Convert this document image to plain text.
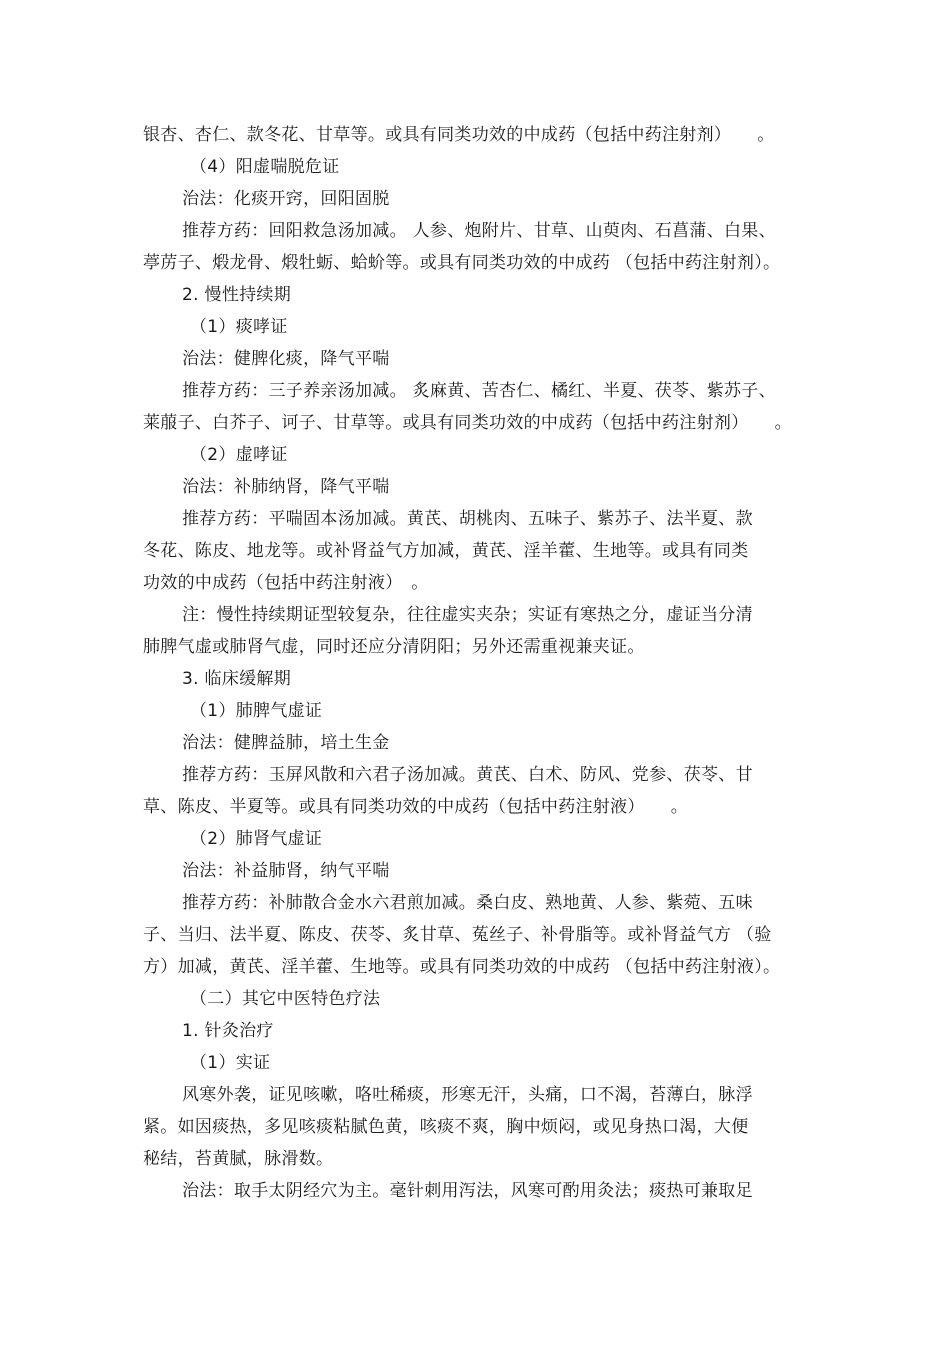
银杏、杏仁、款冬花、甘草等。或具有同类功效的中成药（包括中药注射剂）　　。
（4）阳虚喘脱危证
治法：化痰开窍，回阳固脱
推荐方药：回阳救急汤加减。 人参、炮附片、甘草、山萸肉、石菖蒲、白果、
葶苈子、煅龙骨、煅牡蛎、蛤蚧等。或具有同类功效的中成药 （包括中药注射剂）。
2. 慢性持续期
（1）痰哮证
治法：健脾化痰，降气平喘
推荐方药：三子养亲汤加减。 炙麻黄、苦杏仁、橘红、半夏、茯苓、紫苏子、
莱菔子、白芥子、诃子、甘草等。或具有同类功效的中成药（包括中药注射剂）　　。
（2）虚哮证
治法：补肺纳肾，降气平喘
推荐方药：平喘固本汤加减。黄芪、胡桃肉、五味子、紫苏子、法半夏、款
冬花、陈皮、地龙等。或补肾益气方加减，黄芪、淫羊藿、生地等。或具有同类
功效的中成药（包括中药注射液）　。
注：慢性持续期证型较复杂，往往虚实夹杂；实证有寒热之分，虚证当分清
肺脾气虚或肺肾气虚，同时还应分清阴阳；另外还需重视兼夹证。
3. 临床缓解期
（1）肺脾气虚证
治法：健脾益肺，培土生金
推荐方药：玉屏风散和六君子汤加减。黄芪、白术、防风、党参、茯苓、甘
草、陈皮、半夏等。或具有同类功效的中成药（包括中药注射液）　　。
（2）肺肾气虚证
治法：补益肺肾，纳气平喘
推荐方药：补肺散合金水六君煎加减。桑白皮、熟地黄、人参、紫菀、五味
子、当归、法半夏、陈皮、茯苓、炙甘草、菟丝子、补骨脂等。或补肾益气方 （验
方）加减，黄芪、淫羊藿、生地等。或具有同类功效的中成药 （包括中药注射液）。
（二）其它中医特色疗法
1. 针灸治疗
（1）实证
风寒外袭，证见咳嗽，咯吐稀痰，形寒无汗，头痛，口不渴，苔薄白，脉浮
紧。如因痰热，多见咳痰粘腻色黄，咳痰不爽，胸中烦闷，或见身热口渴，大便
秘结，苔黄腻，脉滑数。
治法：取手太阴经穴为主。毫针刺用泻法，风寒可酌用灸法；痰热可兼取足
